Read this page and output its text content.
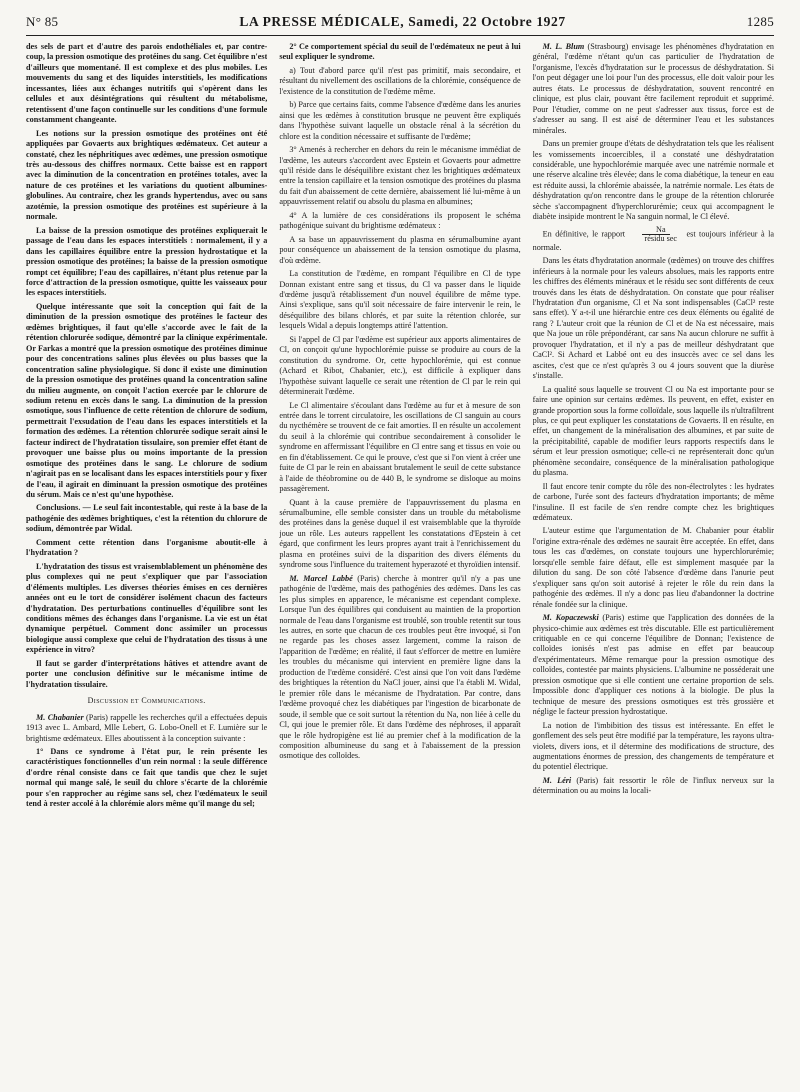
N° 85	LA PRESSE MÉDICALE, Samedi, 22 Octobre 1927	1285

des sels de part et d'autre des parois endothéliales et, par contre-coup, la pression osmotique des protéines du sang. Cet équilibre n'est d'ailleurs que momentané. Il est complexe et des plus mobiles. Les mouvements du sang et des liquides interstitiels, les modifications incessantes, liées aux échanges nutritifs qui s'opèrent dans les cellules et aux désintégrations qui résultent du métabolisme, retentissent d'une façon continuelle sur les conditions d'une formule constamment changeante.

Les notions sur la pression osmotique des protéines ont été appliquées par Govaerts aux brightiques œdémateux. Cet auteur a constaté, chez les néphritiques avec œdèmes, une pression osmotique très au-dessous des chiffres normaux. Cette baisse est en rapport avec la diminution de la concentration en protéines totales, avec la nature de ces protéines et les variations du quotient albumines-globulines. Au contraire, chez les grands hypertendus, avec ou sans azotémie, la pression osmotique des protéines est supérieure à la normale.

La baisse de la pression osmotique des protéines expliquerait le passage de l'eau dans les espaces interstitiels : normalement, il y a dans les capillaires équilibre entre la pression hydrostatique et la pression osmotique des protéines; la baisse de la pression osmotique rompt cet équilibre; l'eau des capillaires, n'étant plus retenue par la force d'attraction de la pression osmotique, quitte les vaisseaux pour les espaces interstitiels.

Quelque intéressante que soit la conception qui fait de la diminution de la pression osmotique des protéines le facteur des œdèmes brightiques, il faut qu'elle s'accorde avec le fait de la rétention chlorurée sodique, démontré par la clinique expérimentale. Or Farkas a montré que la pression osmotique des protéines diminue pour des concentrations salines plus élevées ou plus basses que la concentration saline physiologique. Si donc il existe une diminution de la pression osmotique des protéines quand la concentration saline du milieu augmente, on conçoit l'action exercée par le chlorure de sodium retenu en excès dans le sang. La diminution de la pression osmotique, sous l'influence de cette rétention de chlorure de sodium, permettrait l'exsudation de l'eau dans les espaces interstitiels et la formation des œdèmes. La rétention chlorurée sodique serait ainsi le facteur indirect de l'hydratation tissulaire, son premier effet étant de provoquer une baisse plus ou moins importante de la pression osmotique des protéines dans le sang. Le chlorure de sodium n'agirait pas en se localisant dans les espaces interstitiels pour y fixer de l'eau, il agirait en diminuant la pression osmotique des protéines du sérum. Mais ce n'est qu'une hypothèse.

Conclusions. — Le seul fait incontestable, qui reste à la base de la pathogénie des œdèmes brightiques, c'est la rétention du chlorure de sodium, démontrée par Widal.

Comment cette rétention dans l'organisme aboutit-elle à l'hydratation ?

L'hydratation des tissus est vraisemblablement un phénomène des plus complexes qui ne peut s'expliquer que par l'association d'éléments multiples. Les diverses théories émises en ces dernières années ont eu le tort de considérer isolément chacun des facteurs d'hydratation. Des perturbations continuelles d'équilibre sont les conditions mêmes des échanges dans l'organisme. La vie est un état dynamique perpétuel. Comment donc assimiler un processus biologique aussi complexe que celui de l'hydratation des tissus à une expérience in vitro?

Il faut se garder d'interprétations hâtives et attendre avant de porter une conclusion définitive sur le mécanisme intime de l'hydratation tissulaire.

Discussion et Communications.

M. Chabanier (Paris) rappelle les recherches qu'il a effectuées depuis 1913 avec L. Ambard, Mlle Lebert, G. Lobo-Onell et F. Lumière sur le brightisme œdémateux. Elles aboutissent à la conception suivante :

1° Dans ce syndrome à l'état pur, le rein présente les caractéristiques fonctionnelles d'un rein normal : la seule différence d'ordre rénal consiste dans ce fait que tandis que chez le sujet normal qui mange salé, le seuil du chlore s'écarte de la chlorémie pour s'en rapprocher au régime sans sel, chez l'œdémateux le seuil tend à rester accolé à la chlorémie alors même qu'il mange du sel;

2° Ce comportement spécial du seuil de l'œdémateux ne peut à lui seul expliquer le syndrome.

a) Tout d'abord parce qu'il n'est pas primitif, mais secondaire, et résultant du nivellement des oscillations de la chlorémie, conséquence de l'existence de la constitution de l'œdème même.

b) Parce que certains faits, comme l'absence d'œdème dans les anuries ainsi que les œdèmes à constitution brusque ne peuvent être expliqués dans l'hypothèse suivant laquelle un obstacle rénal à la sécrétion du chlore est la condition nécessaire et suffisante de l'œdème;

3° Amenés à rechercher en dehors du rein le mécanisme immédiat de l'œdème, les auteurs s'accordent avec Epstein et Govaerts pour admettre qu'il réside dans le déséquilibre existant chez les brightiques œdémateux entre la tension capillaire et la tension osmotique des protéines du plasma du fait d'un abaissement de cette dernière, abaissement lié lui-même à un appauvrissement relatif ou absolu du plasma en albumines;

4° A la lumière de ces considérations ils proposent le schéma pathogénique suivant du brightisme œdémateux :

A sa base un appauvrissement du plasma en sérumalbumine ayant pour conséquence un abaissement de la tension osmotique du plasma, d'où œdème.

La constitution de l'œdème, en rompant l'équilibre en Cl de type Donnan existant entre sang et tissus, du Cl va passer dans le liquide d'œdème jusqu'à rétablissement d'un nouvel équilibre de même type. Ainsi s'explique, sans qu'il soit nécessaire de faire intervenir le rein, le déséquilibre des bilans chlorés, et par suite la rétention chlorée, sur lesquels Widal a depuis longtemps attiré l'attention.

Si l'appel de Cl par l'œdème est supérieur aux apports alimentaires de Cl, on conçoit qu'une hypochlorémie puisse se produire au cours de la constitution du syndrome. Or, cette hypochlorémie, qui est connue (Achard et Ribot, Chabanier, etc.), est difficile à expliquer dans l'hypothèse suivant laquelle ce serait une rétention de Cl par le rein qui déterminerait l'œdème.

Le Cl alimentaire s'écoulant dans l'œdème au fur et à mesure de son entrée dans le torrent circulatoire, les oscillations de Cl sanguin au cours du nycthémère se trouvent de ce fait amorties. Il en résulte un accolement du seuil à la chlorémie qui contribue secondairement à consolider le syndrome en affermissant l'équilibre en Cl entre sang et tissus en voie ou en fin d'établissement. Ce qui le prouve, c'est que si l'on vient à créer une fuite de Cl par le rein en abaissant brutalement le seuil de cette substance à l'aide de théobromine ou de 440 B, le syndrome se disloque au moins passagèrement.

Quant à la cause première de l'appauvrissement du plasma en sérumalbumine, elle semble consister dans un trouble du métabolisme des protéines dans la genèse duquel il est vraisemblable que la thyroïde joue un rôle. Les auteurs rappellent les constatations d'Epstein à cet égard, que confirment les leurs propres ayant trait à l'enrichissement du plasma en protéines suivi de la disparition des divers éléments du syndrome sous l'influence du traitement hyperazoté et thyroïdien intensif.

M. Marcel Labbé (Paris) cherche à montrer qu'il n'y a pas une pathogénie de l'œdème, mais des pathogénies des œdèmes. Dans les cas les plus simples en apparence, le mécanisme est cependant complexe. Lorsque l'un des équilibres qui conduisent au maintien de la proportion normale de l'eau dans l'organisme est troublé, son trouble retentit sur tous les autres, en sorte que chacun de ces troubles peut être invoqué, si l'on ne regarde pas les choses assez largement, comme la raison de l'apparition de l'œdème; en réalité, il faut s'efforcer de mettre en lumière les troubles du mécanisme qui intervient en première ligne dans la production de l'œdème considéré. C'est ainsi que l'on voit dans l'œdème des brightiques la rétention du NaCl jouer, ainsi que l'a établi M. Widal, le premier rôle dans le mécanisme de l'hydratation. Par contre, dans l'œdème provoqué chez les diabétiques par l'ingestion de bicarbonate de soude, il semble que ce soit surtout la rétention du Na, non liée à celle du Cl, qui joue le premier rôle. Et dans l'œdème des néphroses, il apparaît que le rôle hydropigène est lié au premier chef à la modification de la composition albumineuse du sang et à l'abaissement de la pression osmotique des colloïdes.

M. L. Blum (Strasbourg) envisage les phénomènes d'hydratation en général, l'œdème n'étant qu'un cas particulier de l'hydratation de l'organisme, l'excès d'hydratation sur le processus de déshydratation. Si l'on peut dégager une loi pour l'un des processus, elle doit valoir pour les autres états. Le processus de déshydratation, souvent rencontré en clinique, est plus clair, pouvant être facilement reproduit et supprimé. Pour l'étudier, comme on ne peut s'adresser aux tissus, force est de s'adresser au sang. Il est aisé de déterminer l'eau et les substances minérales.

Dans un premier groupe d'états de déshydratation tels que les réalisent les vomissements incoercibles, il a constaté une déshydratation considérable, une hypochlorémie marquée avec une natrémie normale et une réserve alcaline très élevée; dans le coma diabétique, la teneur en eau est réduite aussi, la chlorémie abaissée, la natrémie normale. Les états de déshydratation qu'on rencontre dans le groupe de la rétention chlorurée sèche s'accompagnent d'hyperchlorurémie; ceux qui accompagnent le diabète insipide montrent le Na sanguin normal, le Cl élevé.

En définitive, le rapport $\frac{Na}{\text{résidu sec}}$ est toujours inférieur à la normale.

Dans les états d'hydratation anormale (œdèmes) on trouve des chiffres inférieurs à la normale pour les valeurs absolues, mais les rapports entre les chiffres des éléments minéraux et le résidu sec sont différents de ceux trouvés dans les états de déshydratation. On constate que pour réaliser l'hydratation d'un organisme, Cl et Na sont indispensables (CaCl² reste sans effet). Y a-t-il une hiérarchie entre ces deux éléments ou égalité de rang ? L'auteur croit que la réunion de Cl et de Na est nécessaire, mais que Na joue un rôle prépondérant, car sans Na aucun chlorure ne suffit à provoquer l'hydratation, et il n'y a pas de meilleur déshydratant que CaCl². Si Achard et Labbé ont eu des insuccès avec ce sel dans les ascites, c'est que ce n'est qu'après 3 ou 4 jours souvent que la diurèse s'installe.

La qualité sous laquelle se trouvent Cl ou Na est importante pour se faire une opinion sur certains œdèmes. Ils peuvent, en effet, exister en grande proportion sous la forme colloïdale, sous laquelle ils n'ultrafiltrent plus, ce qui peut expliquer les constatations de Govaerts. Il en résulte, en effet, un changement de la minéralisation des albumines, et par suite de la précipitabilité, capable de modifier leurs rapports respectifs dans le sérum et leur pression osmotique; celle-ci ne représenterait donc qu'un phénomène secondaire, conséquence de la minéralisation pathologique du plasma.

Il faut encore tenir compte du rôle des non-électrolytes : les hydrates de carbone, l'urée sont des facteurs d'hydratation importants; de même l'insuline. Il est facile de s'en rendre compte chez les brightiques œdémateux.

L'auteur estime que l'argumentation de M. Chabanier pour établir l'origine extra-rénale des œdèmes ne saurait être acceptée. En effet, dans tous les cas d'œdèmes, on constate toujours une hyperchlorurémie; lorsqu'elle semble faire défaut, elle est simplement masquée par la dilution du sang. De son côté l'absence d'œdème dans l'anurie peut s'expliquer sans qu'on soit autorisé à rejeter le rôle du rein dans la pathogénie des œdèmes. Il n'y a donc pas lieu d'abandonner la doctrine rénale fondée sur la clinique.

M. Kopaczewski (Paris) estime que l'application des données de la physico-chimie aux œdèmes est très discutable. Elle est particulièrement critiquable en ce qui concerne l'équilibre de Donnan; l'existence de colloïdes ionisés n'est pas admise en effet par beaucoup d'expérimentateurs. Même remarque pour la pression osmotique des colloïdes, contestée par maints physiciens. L'albumine ne posséderait une pression osmotique que si elle contient une certaine proportion de sels. Impossible donc d'appliquer ces notions à la biologie. De plus la technique de mesure des pressions osmotiques est très grossière et néglige le facteur pression hydrostatique.

La notion de l'imbibition des tissus est intéressante. En effet le gonflement des sels peut être modifié par la température, les rayons ultra-violets, divers ions, et il détermine des modifications de structure, des augmentations énormes de pression, des changements de température et du potentiel électrique.

M. Léri (Paris) fait ressortir le rôle de l'influx nerveux sur la détermination ou au moins la locali-
